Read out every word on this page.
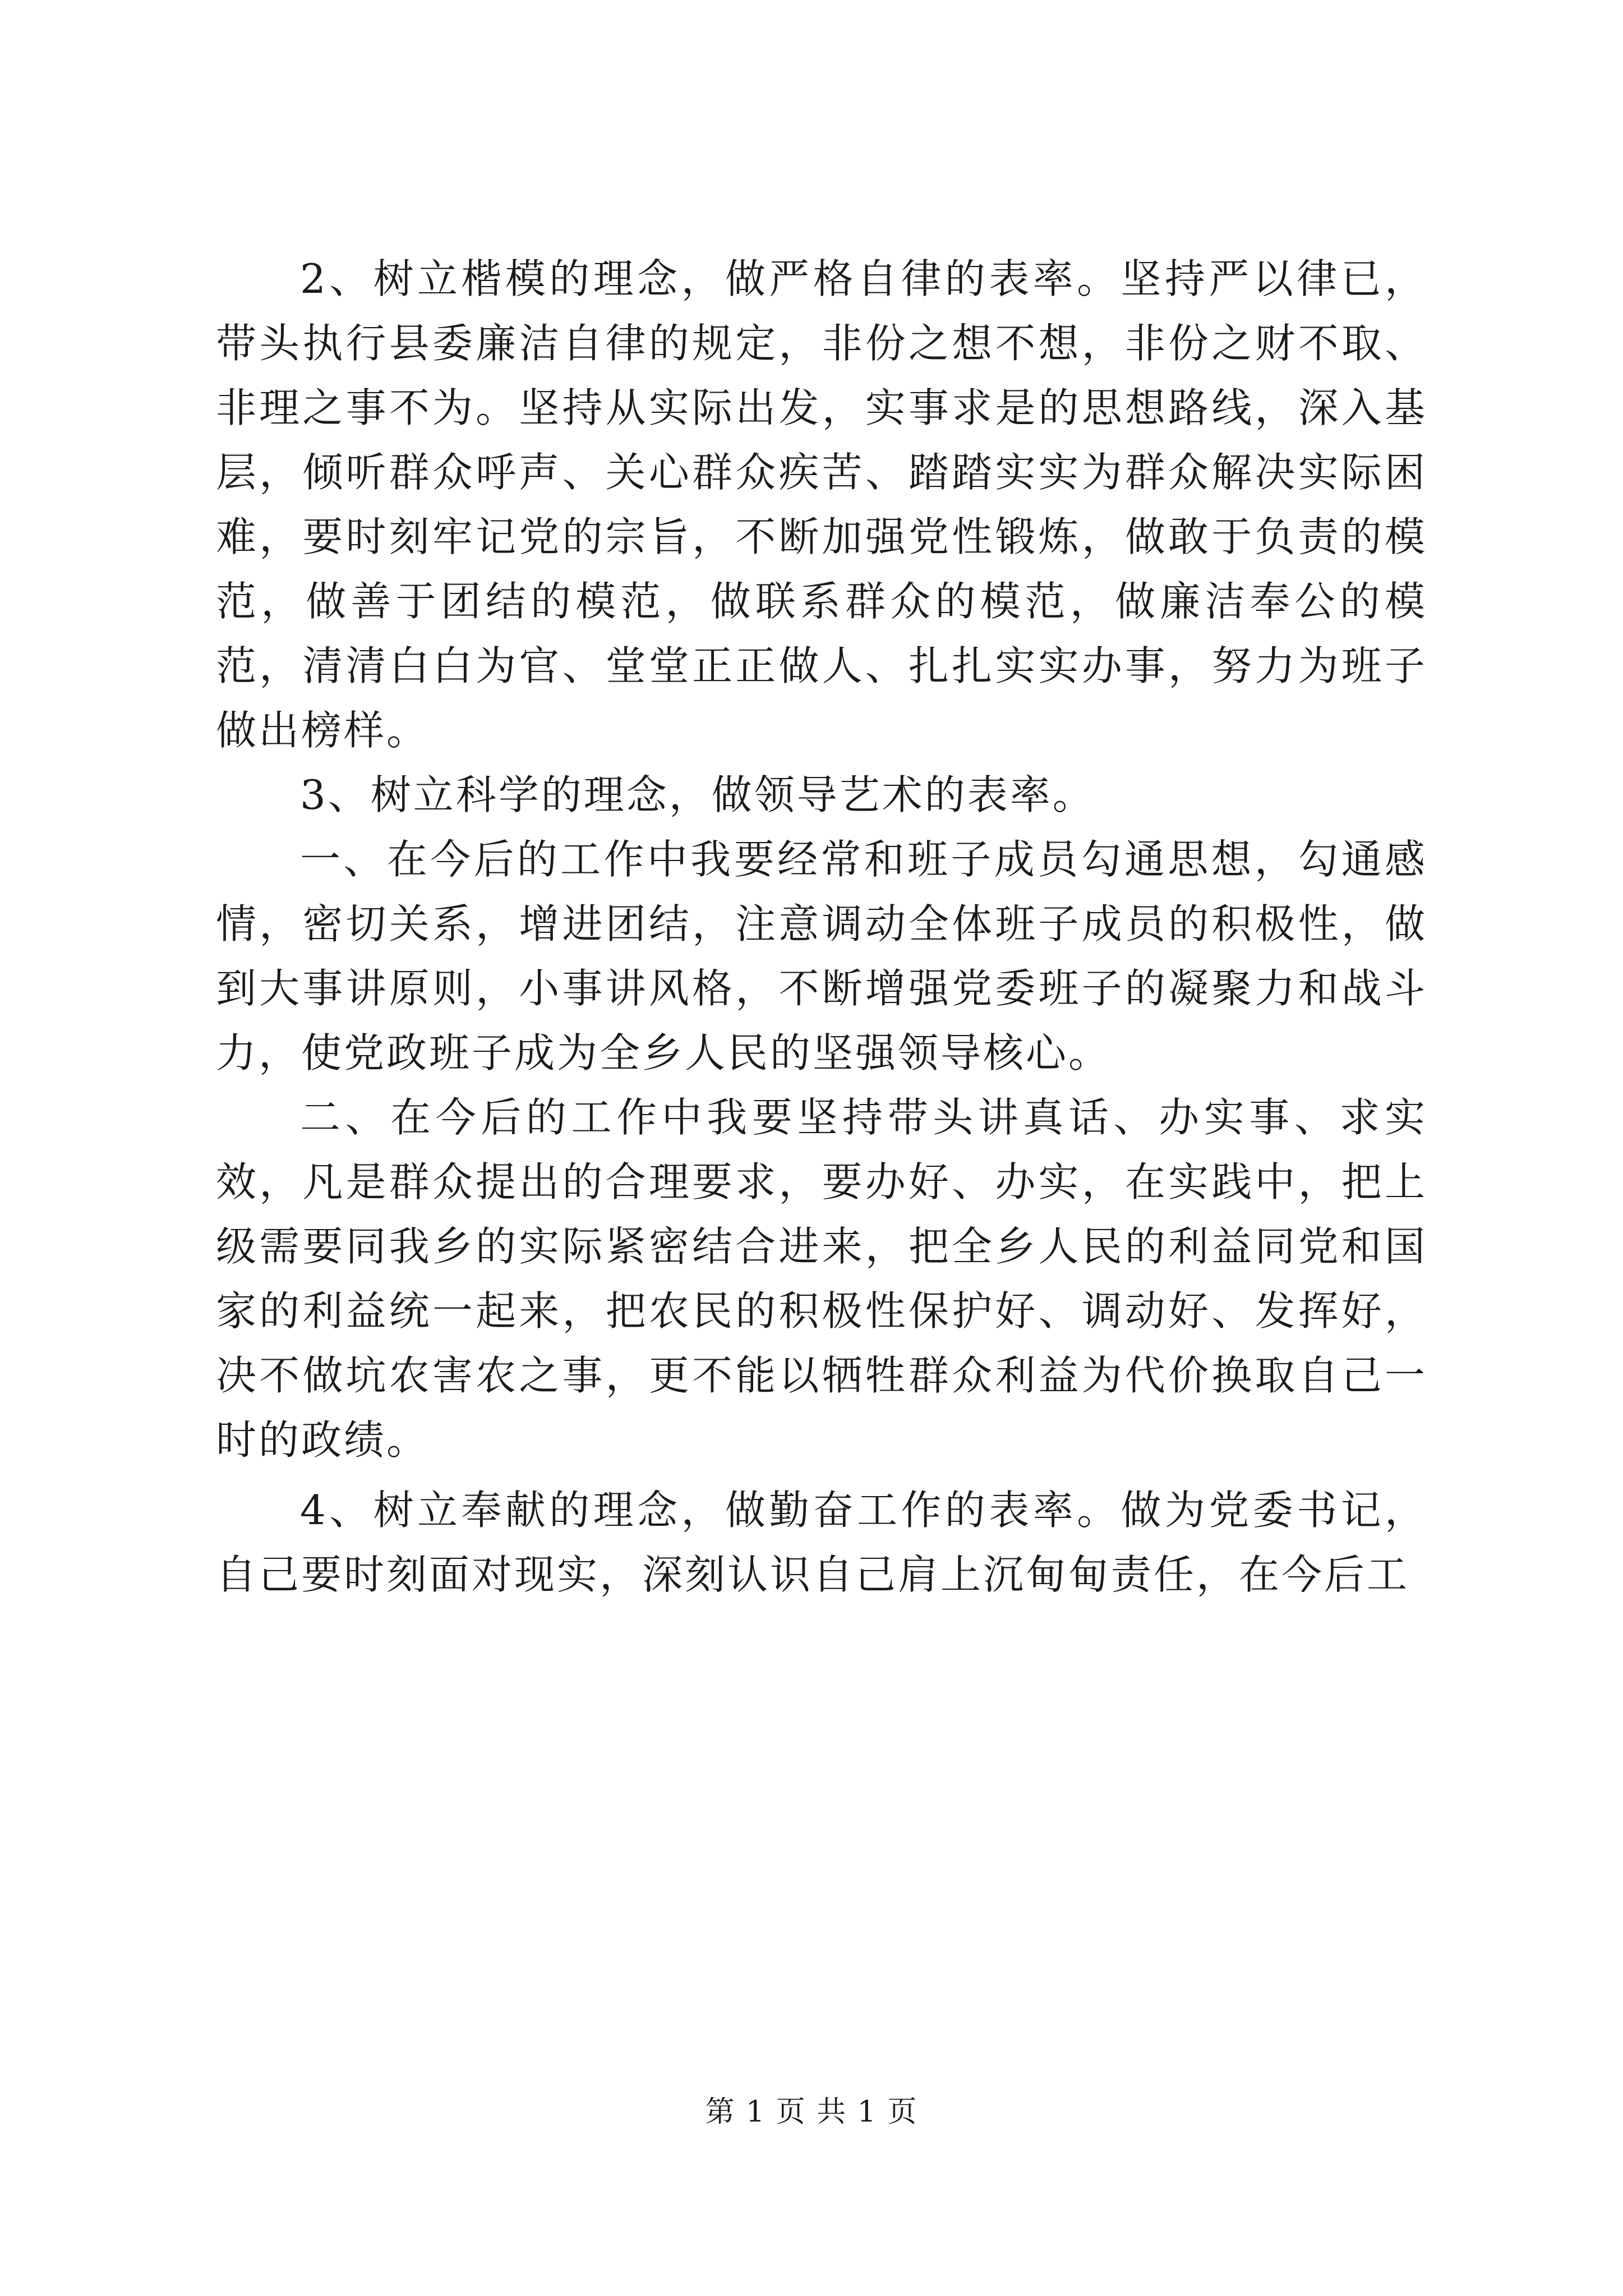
2、树立楷模的理念，做严格自律的表率。坚持严以律已，带头执行县委廉洁自律的规定，非份之想不想，非份之财不取、非理之事不为。坚持从实际出发，实事求是的思想路线，深入基层，倾听群众呼声、关心群众疾苦、踏踏实实为群众解决实际困难，要时刻牢记党的宗旨，不断加强党性锻炼，做敢于负责的模范，做善于团结的模范，做联系群众的模范，做廉洁奉公的模范，清清白白为官、堂堂正正做人、扎扎实实办事，努力为班子做出榜样。

3、树立科学的理念，做领导艺术的表率。

一、在今后的工作中我要经常和班子成员勾通思想，勾通感情，密切关系，增进团结，注意调动全体班子成员的积极性，做到大事讲原则，小事讲风格，不断增强党委班子的凝聚力和战斗力，使党政班子成为全乡人民的坚强领导核心。

二、在今后的工作中我要坚持带头讲真话、办实事、求实效，凡是群众提出的合理要求，要办好、办实，在实践中，把上级需要同我乡的实际紧密结合进来，把全乡人民的利益同党和国家的利益统一起来，把农民的积极性保护好、调动好、发挥好，决不做坑农害农之事，更不能以牺牲群众利益为代价换取自己一时的政绩。

4、树立奉献的理念，做勤奋工作的表率。做为党委书记，自己要时刻面对现实，深刻认识自己肩上沉甸甸责任，在今后工

第 1 页 共 1 页
